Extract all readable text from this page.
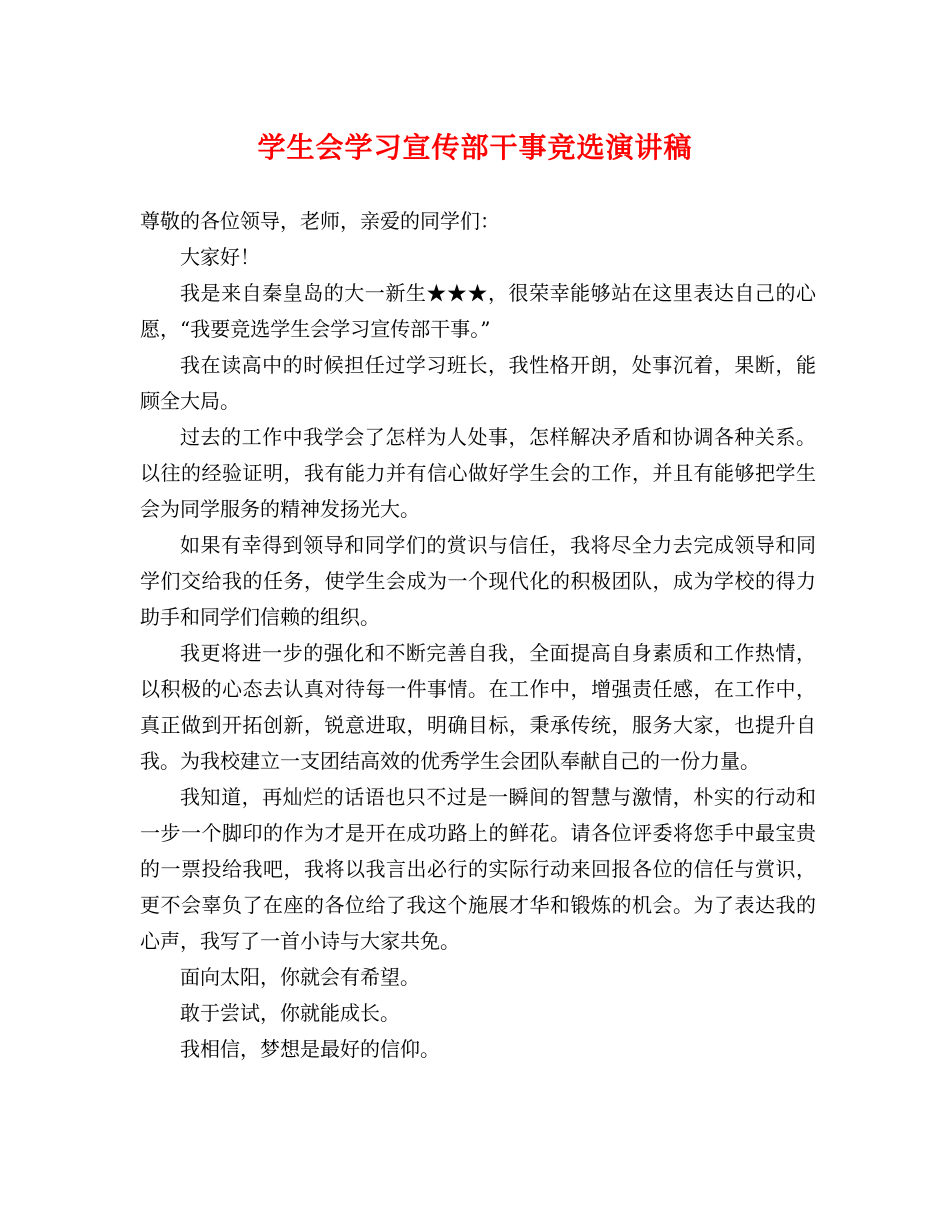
学生会学习宣传部干事竞选演讲稿

尊敬的各位领导，老师，亲爱的同学们：

大家好！

我是来自秦皇岛的大一新生★★★，很荣幸能够站在这里表达自己的心愿，“我要竞选学生会学习宣传部干事。”

我在读高中的时候担任过学习班长，我性格开朗，处事沉着，果断，能顾全大局。

过去的工作中我学会了怎样为人处事，怎样解决矛盾和协调各种关系。以往的经验证明，我有能力并有信心做好学生会的工作，并且有能够把学生会为同学服务的精神发扬光大。

如果有幸得到领导和同学们的赏识与信任，我将尽全力去完成领导和同学们交给我的任务，使学生会成为一个现代化的积极团队，成为学校的得力助手和同学们信赖的组织。

我更将进一步的强化和不断完善自我，全面提高自身素质和工作热情，以积极的心态去认真对待每一件事情。在工作中，增强责任感，在工作中，真正做到开拓创新，锐意进取，明确目标，秉承传统，服务大家，也提升自我。为我校建立一支团结高效的优秀学生会团队奉献自己的一份力量。

我知道，再灿烂的话语也只不过是一瞬间的智慧与激情，朴实的行动和一步一个脚印的作为才是开在成功路上的鲜花。请各位评委将您手中最宝贵的一票投给我吧，我将以我言出必行的实际行动来回报各位的信任与赏识，更不会辜负了在座的各位给了我这个施展才华和锻炼的机会。为了表达我的心声，我写了一首小诗与大家共免。

面向太阳，你就会有希望。

敢于尝试，你就能成长。

我相信，梦想是最好的信仰。
